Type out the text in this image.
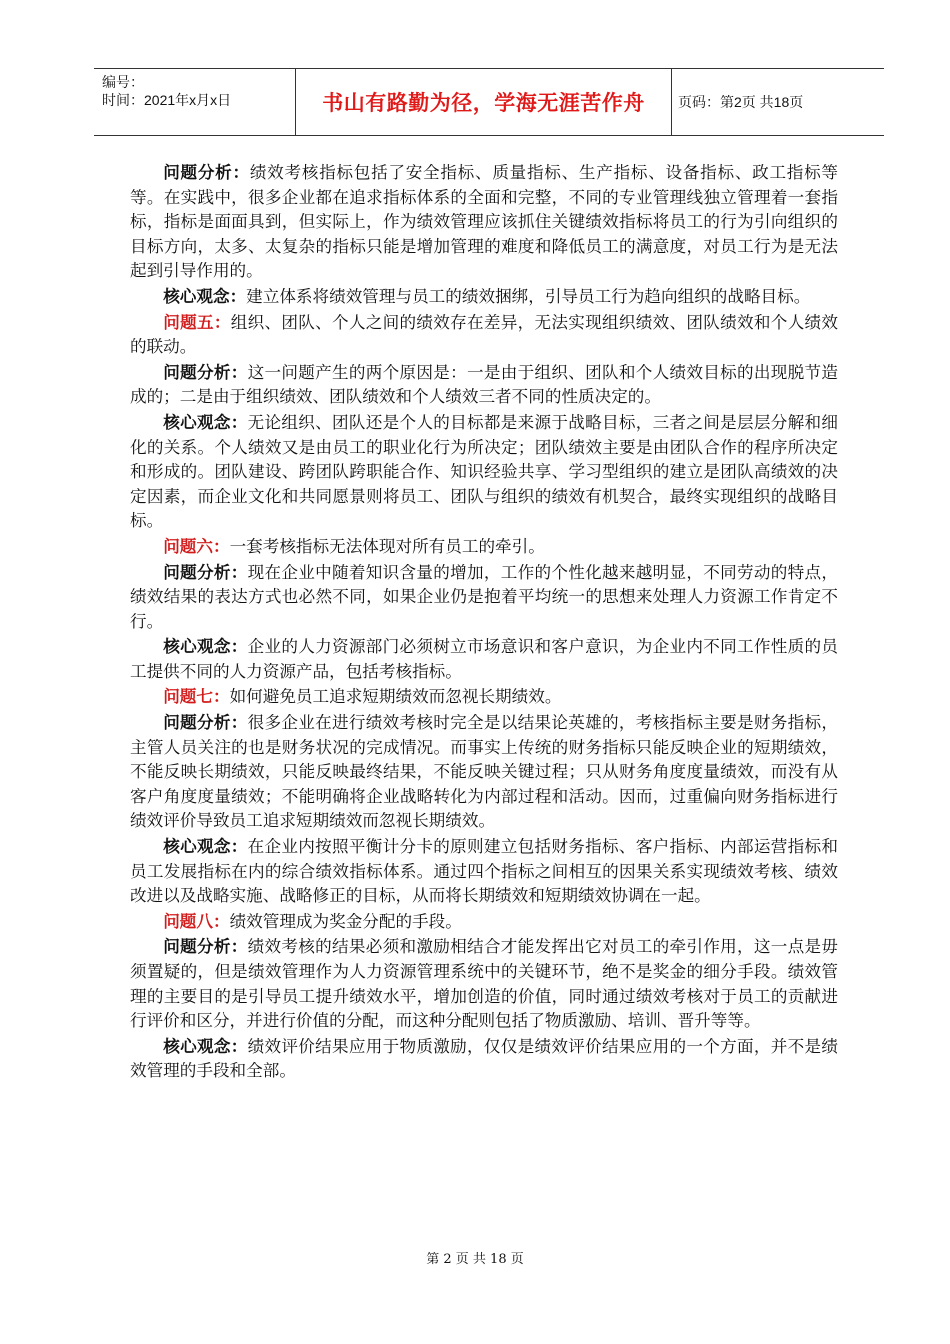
编号：
时间：2021年x月x日	书山有路勤为径，学海无涯苦作舟 页码：第2页 共18页

问题分析：绩效考核指标包括了安全指标、质量指标、生产指标、设备指标、政工指标等等。在实践中，很多企业都在追求指标体系的全面和完整，不同的专业管理线独立管理着一套指标，指标是面面具到，但实际上，作为绩效管理应该抓住关键绩效指标将员工的行为引向组织的目标方向，太多、太复杂的指标只能是增加管理的难度和降低员工的满意度，对员工行为是无法起到引导作用的。

核心观念：建立体系将绩效管理与员工的绩效捆绑，引导员工行为趋向组织的战略目标。

问题五：组织、团队、个人之间的绩效存在差异，无法实现组织绩效、团队绩效和个人绩效的联动。

问题分析：这一问题产生的两个原因是：一是由于组织、团队和个人绩效目标的出现脱节造成的；二是由于组织绩效、团队绩效和个人绩效三者不同的性质决定的。

核心观念：无论组织、团队还是个人的目标都是来源于战略目标，三者之间是层层分解和细化的关系。个人绩效又是由员工的职业化行为所决定；团队绩效主要是由团队合作的程序所决定和形成的。团队建设、跨团队跨职能合作、知识经验共享、学习型组织的建立是团队高绩效的决定因素，而企业文化和共同愿景则将员工、团队与组织的绩效有机契合，最终实现组织的战略目标。

问题六：一套考核指标无法体现对所有员工的牵引。

问题分析：现在企业中随着知识含量的增加，工作的个性化越来越明显，不同劳动的特点，绩效结果的表达方式也必然不同，如果企业仍是抱着平均统一的思想来处理人力资源工作肯定不行。

核心观念：企业的人力资源部门必须树立市场意识和客户意识，为企业内不同工作性质的员工提供不同的人力资源产品，包括考核指标。

问题七：如何避免员工追求短期绩效而忽视长期绩效。

问题分析：很多企业在进行绩效考核时完全是以结果论英雄的，考核指标主要是财务指标，主管人员关注的也是财务状况的完成情况。而事实上传统的财务指标只能反映企业的短期绩效，不能反映长期绩效，只能反映最终结果，不能反映关键过程；只从财务角度度量绩效，而没有从客户角度度量绩效；不能明确将企业战略转化为内部过程和活动。因而，过重偏向财务指标进行绩效评价导致员工追求短期绩效而忽视长期绩效。

核心观念：在企业内按照平衡计分卡的原则建立包括财务指标、客户指标、内部运营指标和员工发展指标在内的综合绩效指标体系。通过四个指标之间相互的因果关系实现绩效考核、绩效改进以及战略实施、战略修正的目标，从而将长期绩效和短期绩效协调在一起。

问题八：绩效管理成为奖金分配的手段。

问题分析：绩效考核的结果必须和激励相结合才能发挥出它对员工的牵引作用，这一点是毋须置疑的，但是绩效管理作为人力资源管理系统中的关键环节，绝不是奖金的细分手段。绩效管理的主要目的是引导员工提升绩效水平，增加创造的价值，同时通过绩效考核对于员工的贡献进行评价和区分，并进行价值的分配，而这种分配则包括了物质激励、培训、晋升等等。

核心观念：绩效评价结果应用于物质激励，仅仅是绩效评价结果应用的一个方面，并不是绩效管理的手段和全部。

第 2 页 共 18 页
